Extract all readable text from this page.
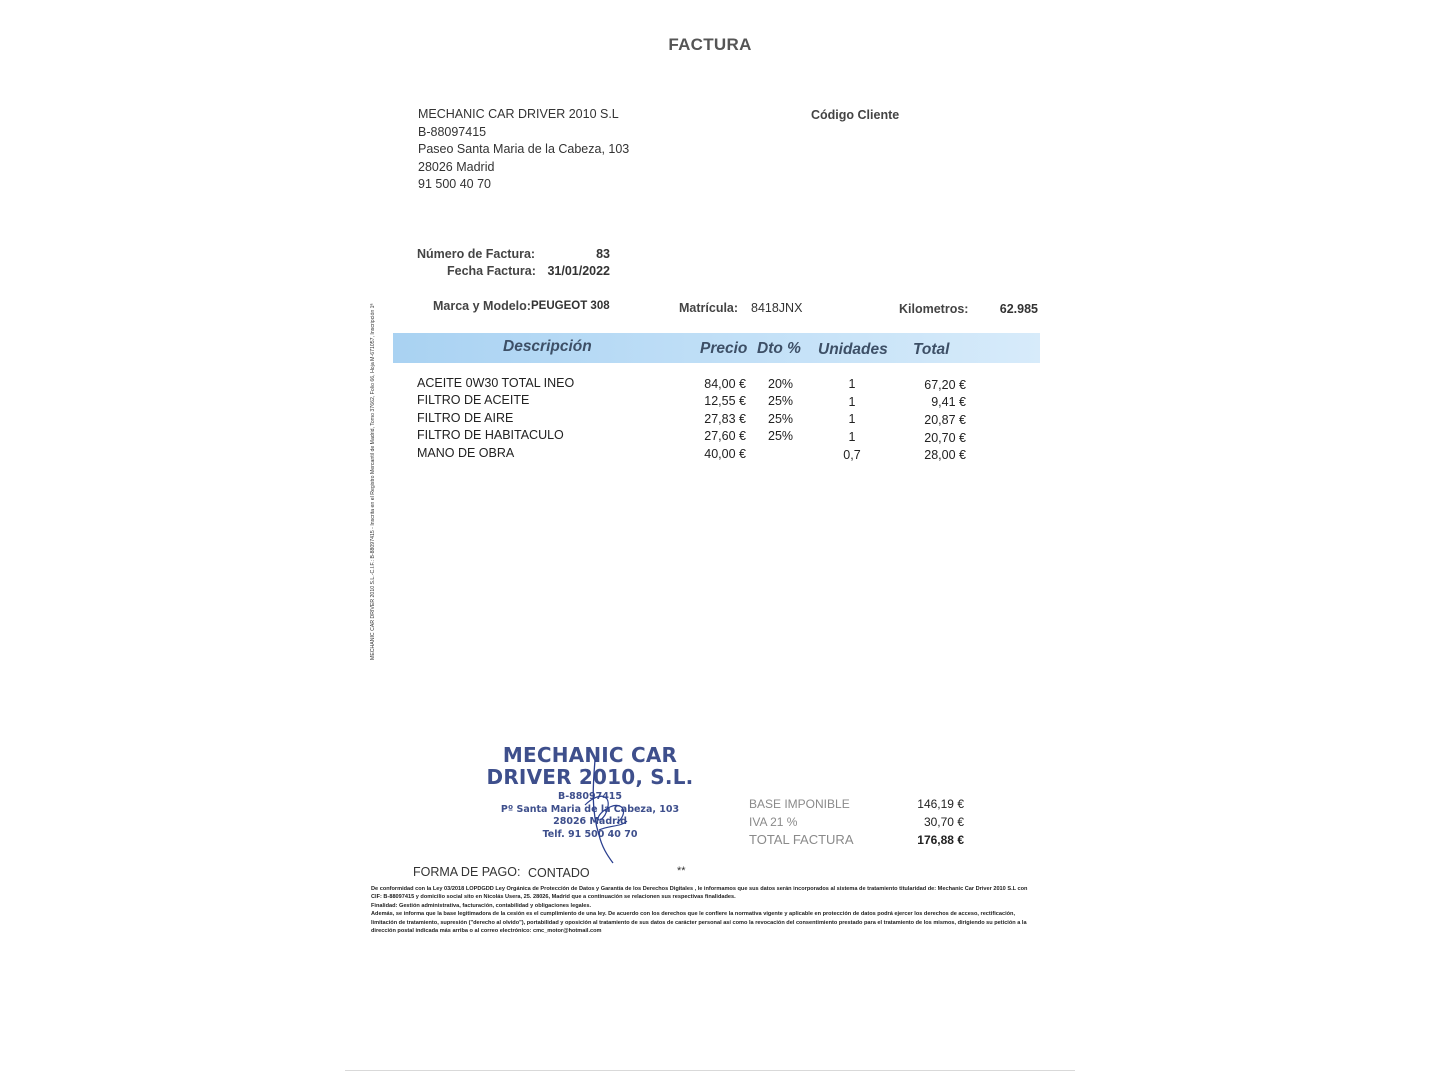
FACTURA
MECHANIC CAR DRIVER 2010 S.L
B-88097415
Paseo Santa Maria de la Cabeza, 103
28026 Madrid
91 500 40 70
Código Cliente
MECHANIC CAR DRIVER 2010 S.L.-C.I.F.: B-88097415 - Inscrita en el Registro Mercantil de Madrid, Tomo 37662, Folio 66, Hoja M-671057, Inscripción 1ª
Número de Factura:	83
Fecha Factura: 31/01/2022
Marca y Modelo: PEUGEOT 308	Matrícula: 8418JNX	Kilometros:	62.985
Descripción	Precio Dto % Unidades Total
ACEITE 0W30 TOTAL INEO	84,00 € 20%	1	67,20 €
FILTRO DE ACEITE	12,55 € 25%	1	9,41 €
FILTRO DE AIRE	27,83 € 25%	1	20,87 €
FILTRO DE HABITACULO	27,60 € 25%	1	20,70 €
MANO DE OBRA	40,00 €	0,7	28,00 €
MECHANIC CAR
DRIVER 2010, S.L.
B-88097415
Pº Santa Maria de la Cabeza, 103
28026 Madrid
Telf. 91 500 40 70
BASE IMPONIBLE	146,19 €
IVA 21 %	30,70 €
TOTAL FACTURA	176,88 €
FORMA DE PAGO: CONTADO	**

De conformidad con la Ley 03/2018 LOPDGDD Ley Orgánica de Protección de Datos y Garantía de los Derechos Digitales , le informamos que sus datos serán incorporados al sistema de tratamiento titularidad de: Mechanic Car Driver 2010 S.L con CIF: B-88097415 y domicilio social sito en Nicolás Usera, 25. 28026, Madrid que a continuación se relacionen sus respectivas finalidades.

Finalidad: Gestión administrativa, facturación, contabilidad y obligaciones legales.

Además, se informa que la base legitimadora de la cesión es el cumplimiento de una ley. De acuerdo con los derechos que le confiere la normativa vigente y aplicable en protección de datos podrá ejercer los derechos de acceso, rectificación, limitación de tratamiento, supresión ("derecho al olvido"), portabilidad y oposición al tratamiento de sus datos de carácter personal así como la revocación del consentimiento prestado para el tratamiento de los mismos, dirigiendo su petición a la dirección postal indicada más arriba o al correo electrónico: cmc_motor@hotmail.com
